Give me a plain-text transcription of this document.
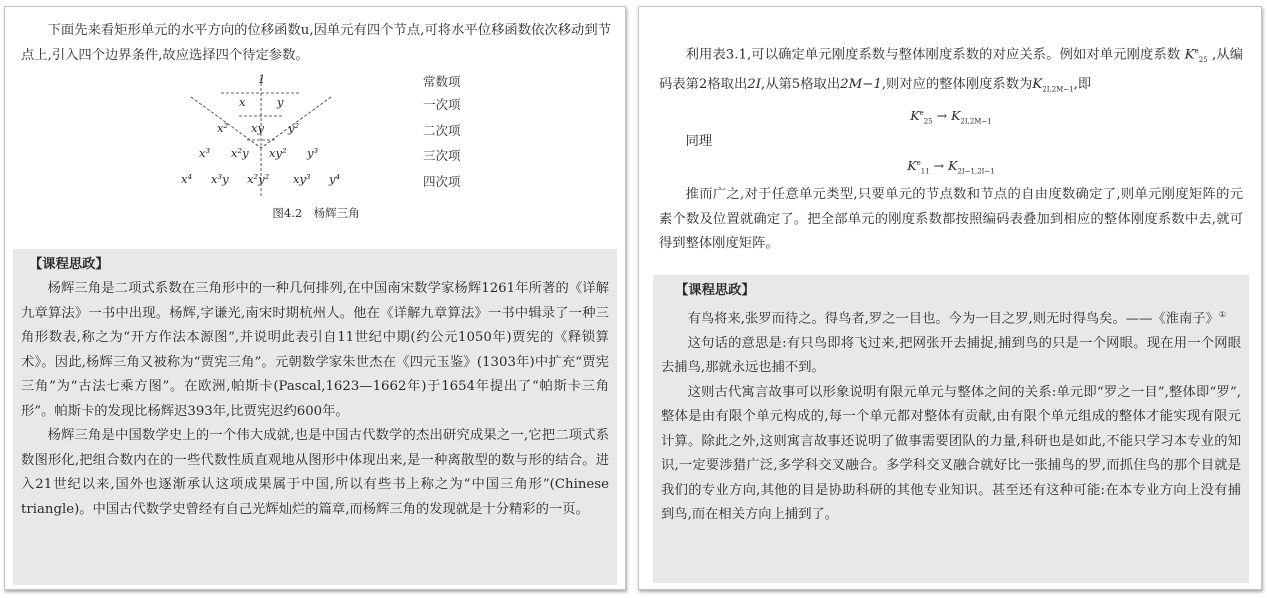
下面先来看矩形单元的水平方向的位移函数u,因单元有四个节点,可将水平位移函数依次移动到节点上,引入四个边界条件,故应选择四个待定参数。

1
x	y
x² xy y²
x³ x²y xy² y³
x⁴ x³y x²y² xy³ y⁴
常数项
一次项
二次项
三次项
四次项
图4.2　杨辉三角
【课程思政】

杨辉三角是二项式系数在三角形中的一种几何排列,在中国南宋数学家杨辉1261年所著的《详解九章算法》一书中出现。杨辉,字谦光,南宋时期杭州人。他在《详解九章算法》一书中辑录了一种三角形数表,称之为“开方作法本源图”,并说明此表引自11世纪中期(约公元1050年)贾宪的《释锁算术》。因此,杨辉三角又被称为“贾宪三角”。元朝数学家朱世杰在《四元玉鉴》(1303年)中扩充“贾宪三角”为“古法七乘方图”。在欧洲,帕斯卡(Pascal,1623—1662年)于1654年提出了“帕斯卡三角形”。帕斯卡的发现比杨辉迟393年,比贾宪迟约600年。

杨辉三角是中国数学史上的一个伟大成就,也是中国古代数学的杰出研究成果之一,它把二项式系数图形化,把组合数内在的一些代数性质直观地从图形中体现出来,是一种离散型的数与形的结合。进入21世纪以来,国外也逐渐承认这项成果属于中国,所以有些书上称之为“中国三角形”(Chinese triangle)。中国古代数学史曾经有自己光辉灿烂的篇章,而杨辉三角的发现就是十分精彩的一页。

利用表3.1,可以确定单元刚度系数与整体刚度系数的对应关系。例如对单元刚度系数 $K^e_{25}$ ,从编码表第2格取出2I,从第5格取出2M−1,则对应的整体刚度系数为$K_{2I,2M-1}$,即

$K^e_{25} \to K_{2I,2M-1}$

同理

$K^e_{11} \to K_{2I-1,2I-1}$

推而广之,对于任意单元类型,只要单元的节点数和节点的自由度数确定了,则单元刚度矩阵的元素个数及位置就确定了。把全部单元的刚度系数都按照编码表叠加到相应的整体刚度系数中去,就可得到整体刚度矩阵。

【课程思政】

有鸟将来,张罗而待之。得鸟者,罗之一目也。今为一目之罗,则无时得鸟矣。——《淮南子》①

这句话的意思是:有只鸟即将飞过来,把网张开去捕捉,捕到鸟的只是一个网眼。现在用一个网眼去捕鸟,那就永远也捕不到。

这则古代寓言故事可以形象说明有限元单元与整体之间的关系:单元即“罗之一目”,整体即“罗”,整体是由有限个单元构成的,每一个单元都对整体有贡献,由有限个单元组成的整体才能实现有限元计算。除此之外,这则寓言故事还说明了做事需要团队的力量,科研也是如此,不能只学习本专业的知识,一定要涉猎广泛,多学科交叉融合。多学科交叉融合就好比一张捕鸟的罗,而抓住鸟的那个目就是我们的专业方向,其他的目是协助科研的其他专业知识。甚至还有这种可能:在本专业方向上没有捕到鸟,而在相关方向上捕到了。
